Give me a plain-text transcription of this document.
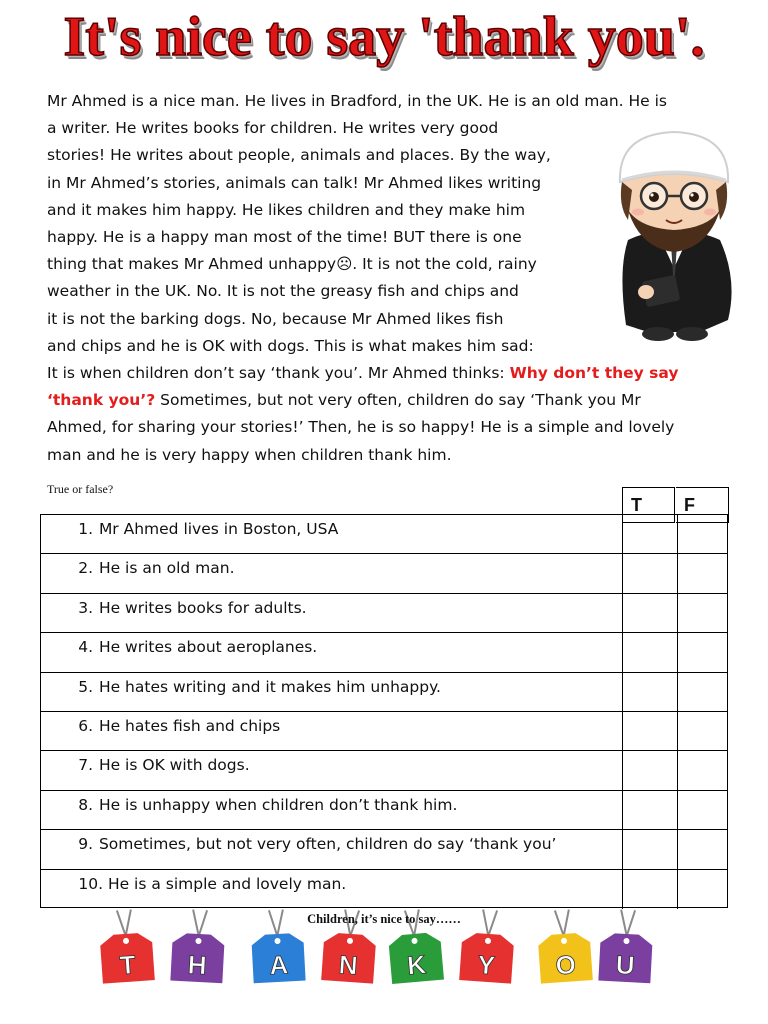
It's nice to say 'thank you'.
Mr Ahmed is a nice man. He lives in Bradford, in the UK. He is an old man. He is
a writer. He writes books for children. He writes very good
stories! He writes about people, animals and places. By the way,
in Mr Ahmed’s stories, animals can talk! Mr Ahmed likes writing
and it makes him happy. He likes children and they make him
happy. He is a happy man most of the time! BUT there is one
thing that makes Mr Ahmed unhappy☹. It is not the cold, rainy
weather in the UK. No. It is not the greasy fish and chips and
it is not the barking dogs. No, because Mr Ahmed likes fish
and chips and he is OK with dogs. This is what makes him sad:
It is when children don’t say ‘thank you’. Mr Ahmed thinks: Why don’t they say
‘thank you’? Sometimes, but not very often, children do say ‘Thank you Mr
Ahmed, for sharing your stories!’ Then, he is so happy! He is a simple and lovely
man and he is very happy when children thank him.
True or false?
T	F
1. Mr Ahmed lives in Boston, USA
2. He is an old man.
3. He writes books for adults.
4. He writes about aeroplanes.
5. He hates writing and it makes him unhappy.
6. He hates fish and chips
7. He is OK with dogs.
8. He is unhappy when children don’t thank him.
9. Sometimes, but not very often, children do say ‘thank you’
10. He is a simple and lovely man.
Children, it’s nice to say……
T H A N K Y O U
